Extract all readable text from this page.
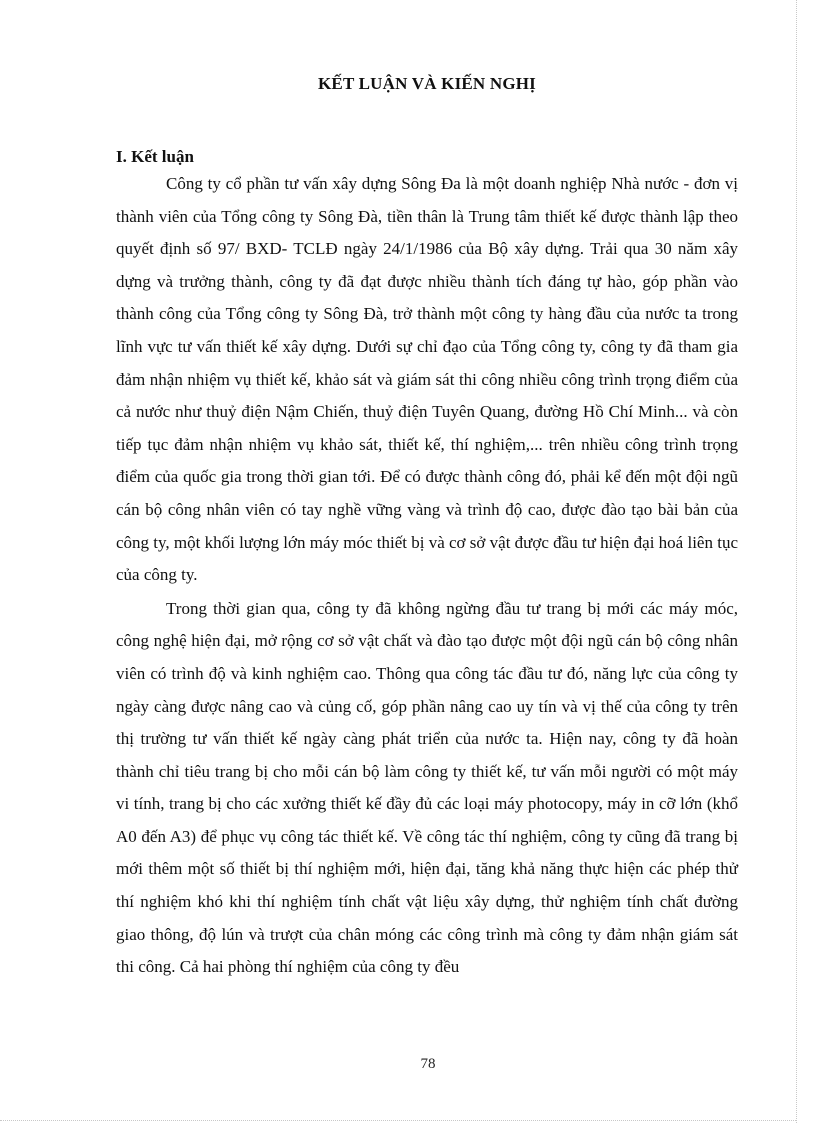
KẾT LUẬN VÀ KIẾN NGHỊ
I. Kết luận

Công ty cổ phần tư vấn xây dựng Sông Đa là một doanh nghiệp Nhà nước - đơn vị thành viên của Tổng công ty Sông Đà, tiền thân là Trung tâm thiết kế được thành lập theo quyết định số 97/ BXD- TCLĐ ngày 24/1/1986 của Bộ xây dựng. Trải qua 30 năm xây dựng và trưởng thành, công ty đã đạt được nhiều thành tích đáng tự hào, góp phần vào thành công của Tổng công ty Sông Đà, trở thành một công ty hàng đầu của nước ta trong lĩnh vực tư vấn thiết kế xây dựng. Dưới sự chỉ đạo của Tổng công ty, công ty đã tham gia đảm nhận nhiệm vụ thiết kế, khảo sát và giám sát thi công nhiều công trình trọng điểm của cả nước như thuỷ điện Nậm Chiến, thuỷ điện Tuyên Quang, đường Hồ Chí Minh... và còn tiếp tục đảm nhận nhiệm vụ khảo sát, thiết kế, thí nghiệm,... trên nhiều công trình trọng điểm của quốc gia trong thời gian tới. Để có được thành công đó, phải kể đến một đội ngũ cán bộ công nhân viên có tay nghề vững vàng và trình độ cao, được đào tạo bài bản của công ty, một khối lượng lớn máy móc thiết bị và cơ sở vật được đầu tư hiện đại hoá liên tục của công ty.

Trong thời gian qua, công ty đã không ngừng đầu tư trang bị mới các máy móc, công nghệ hiện đại, mở rộng cơ sở vật chất và đào tạo được một đội ngũ cán bộ công nhân viên có trình độ và kinh nghiệm cao. Thông qua công tác đầu tư đó, năng lực của công ty ngày càng được nâng cao và củng cố, góp phần nâng cao uy tín và vị thế của công ty trên thị trường tư vấn thiết kế ngày càng phát triển của nước ta. Hiện nay, công ty đã hoàn thành chỉ tiêu trang bị cho mỗi cán bộ làm công ty thiết kế, tư vấn mỗi người có một máy vi tính, trang bị cho các xưởng thiết kế đầy đủ các loại máy photocopy, máy in cỡ lớn (khổ A0 đến A3) để phục vụ công tác thiết kế. Về công tác thí nghiệm, công ty cũng đã trang bị mới thêm một số thiết bị thí nghiệm mới, hiện đại, tăng khả năng thực hiện các phép thử thí nghiệm khó khi thí nghiệm tính chất vật liệu xây dựng, thử nghiệm tính chất đường giao thông, độ lún và trượt của chân móng các công trình mà công ty đảm nhận giám sát thi công. Cả hai phòng thí nghiệm của công ty đều

78
